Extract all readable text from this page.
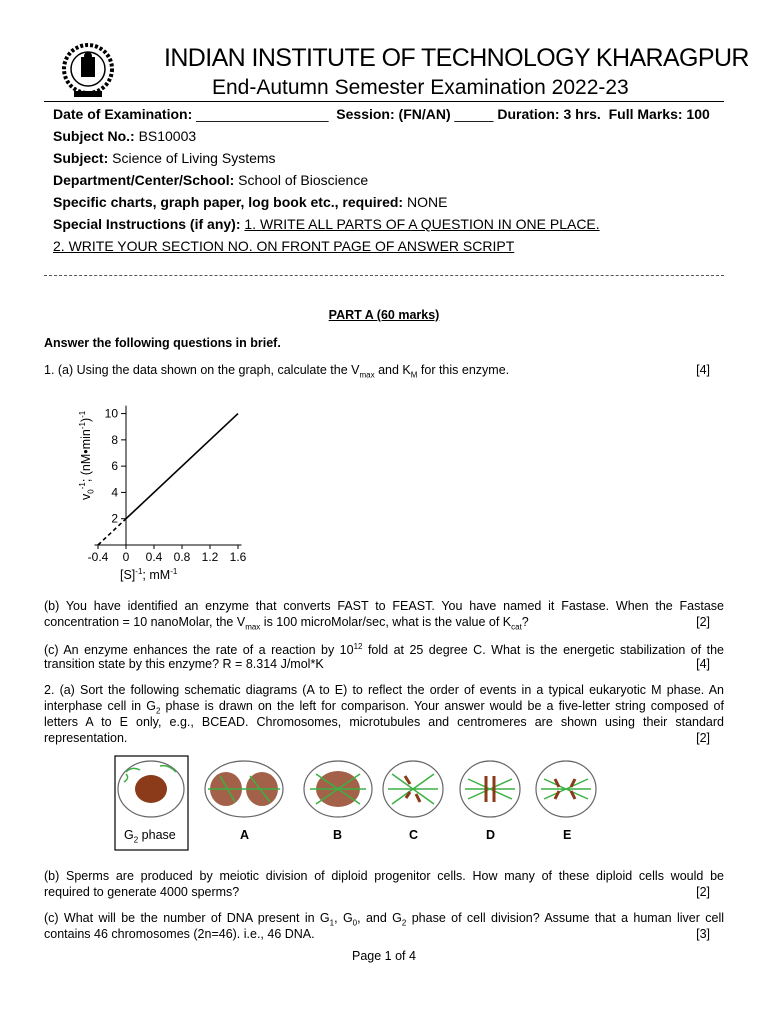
INDIAN INSTITUTE OF TECHNOLOGY KHARAGPUR
End-Autumn Semester Examination 2022-23
Date of Examination: _________________ Session: (FN/AN) _____ Duration: 3 hrs. Full Marks: 100
Subject No.: BS10003
Subject: Science of Living Systems
Department/Center/School: School of Bioscience
Specific charts, graph paper, log book etc., required: NONE
Special Instructions (if any): 1. WRITE ALL PARTS OF A QUESTION IN ONE PLACE.
2. WRITE YOUR SECTION NO. ON FRONT PAGE OF ANSWER SCRIPT
PART A (60 marks)
Answer the following questions in brief.
1. (a) Using the data shown on the graph, calculate the $V_{max}$ and $K_M$ for this enzyme.	[4]
10
8
6
4
2
-0.4 0 0.4 0.8 1.2 1.6
$v_0^{-1}$; $(nM•\min^{-1})^{-1}$
$[S]^{-1}$; $mM^{-1}$
(b) You have identified an enzyme that converts FAST to FEAST. You have named it Fastase. When the Fastase
concentration = 10 nanoMolar, the $V_{max}$ is 100 microMolar/sec, what is the value of $K_{cat}$?	[2]
(c) An enzyme enhances the rate of a reaction by $10^{12}$ fold at 25 degree C. What is the energetic stabilization of the
transition state by this enzyme? R = 8.314 J/mol*K	[4]
2. (a) Sort the following schematic diagrams (A to E) to reflect the order of events in a typical eukaryotic M phase. An
interphase cell in $G_2$ phase is drawn on the left for comparison. Your answer would be a five-letter string composed of
letters A to E only, e.g., BCEAD. Chromosomes, microtubules and centromeres are shown using their standard
representation.	[2]
$G_2$ phase	A	B	C	D	E
(b) Sperms are produced by meiotic division of diploid progenitor cells. How many of these diploid cells would be
required to generate 4000 sperms?	[2]
(c) What will be the number of DNA present in $G_1$, $G_0$, and $G_2$ phase of cell division? Assume that a human liver cell
contains 46 chromosomes (2n=46). i.e., 46 DNA.	[3]
Page 1 of 4
